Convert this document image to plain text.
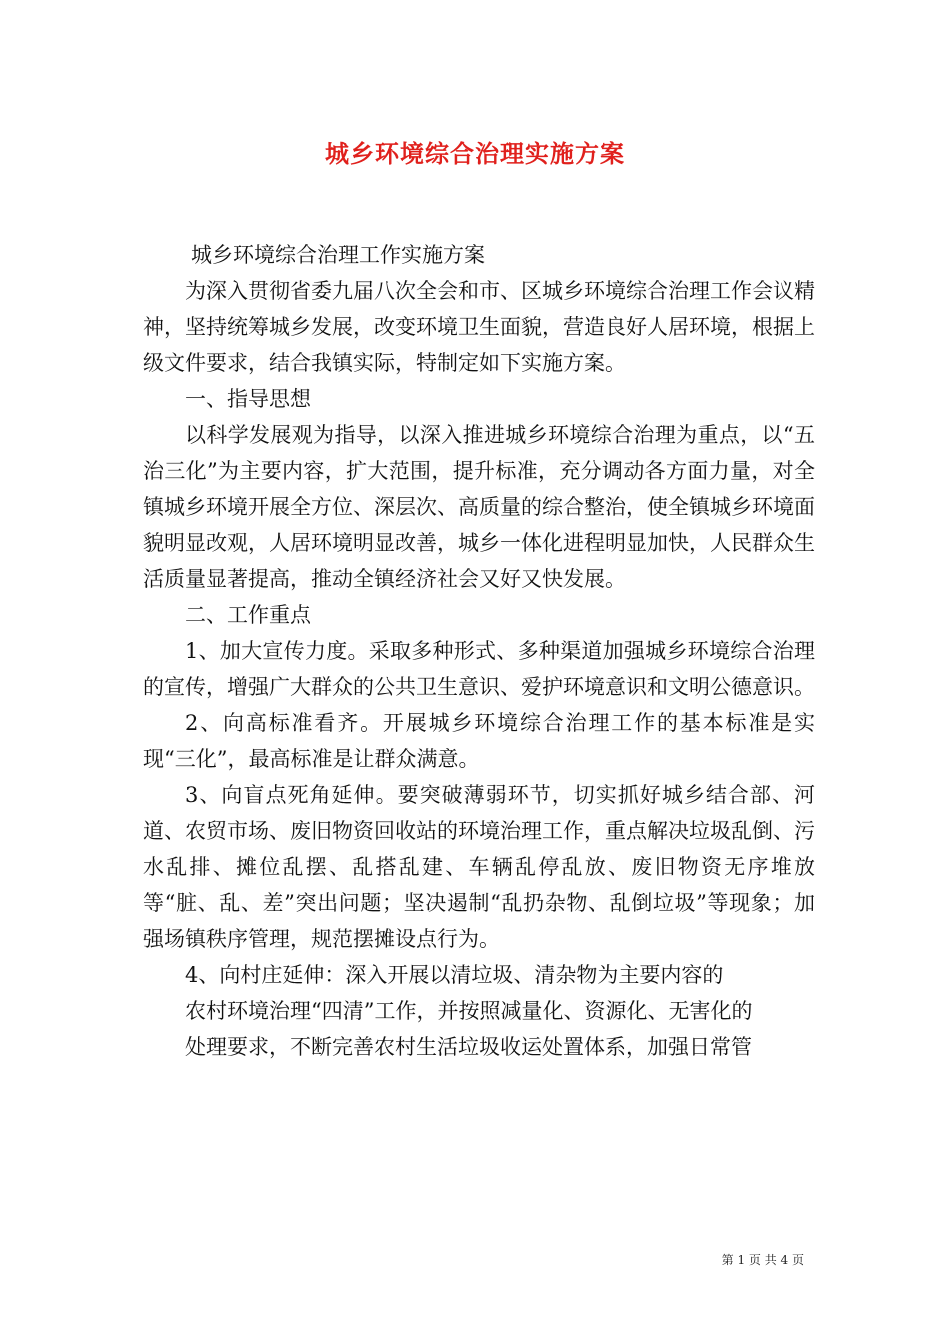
城乡环境综合治理实施方案

城乡环境综合治理工作实施方案

为深入贯彻省委九届八次全会和市、区城乡环境综合治理工作会议精神，坚持统筹城乡发展，改变环境卫生面貌，营造良好人居环境，根据上级文件要求，结合我镇实际，特制定如下实施方案。

一、指导思想

以科学发展观为指导，以深入推进城乡环境综合治理为重点，以“五治三化”为主要内容，扩大范围，提升标准，充分调动各方面力量，对全镇城乡环境开展全方位、深层次、高质量的综合整治，使全镇城乡环境面貌明显改观，人居环境明显改善，城乡一体化进程明显加快，人民群众生活质量显著提高，推动全镇经济社会又好又快发展。

二、工作重点

1、加大宣传力度。采取多种形式、多种渠道加强城乡环境综合治理的宣传，增强广大群众的公共卫生意识、爱护环境意识和文明公德意识。

2、向高标准看齐。开展城乡环境综合治理工作的基本标准是实现“三化”，最高标准是让群众满意。

3、向盲点死角延伸。要突破薄弱环节，切实抓好城乡结合部、河道、农贸市场、废旧物资回收站的环境治理工作，重点解决垃圾乱倒、污水乱排、摊位乱摆、乱搭乱建、车辆乱停乱放、废旧物资无序堆放等“脏、乱、差”突出问题；坚决遏制“乱扔杂物、乱倒垃圾”等现象；加强场镇秩序管理，规范摆摊设点行为。

4、向村庄延伸：深入开展以清垃圾、清杂物为主要内容的

农村环境治理“四清”工作，并按照减量化、资源化、无害化的

处理要求，不断完善农村生活垃圾收运处置体系，加强日常管

第 1 页 共 4 页
